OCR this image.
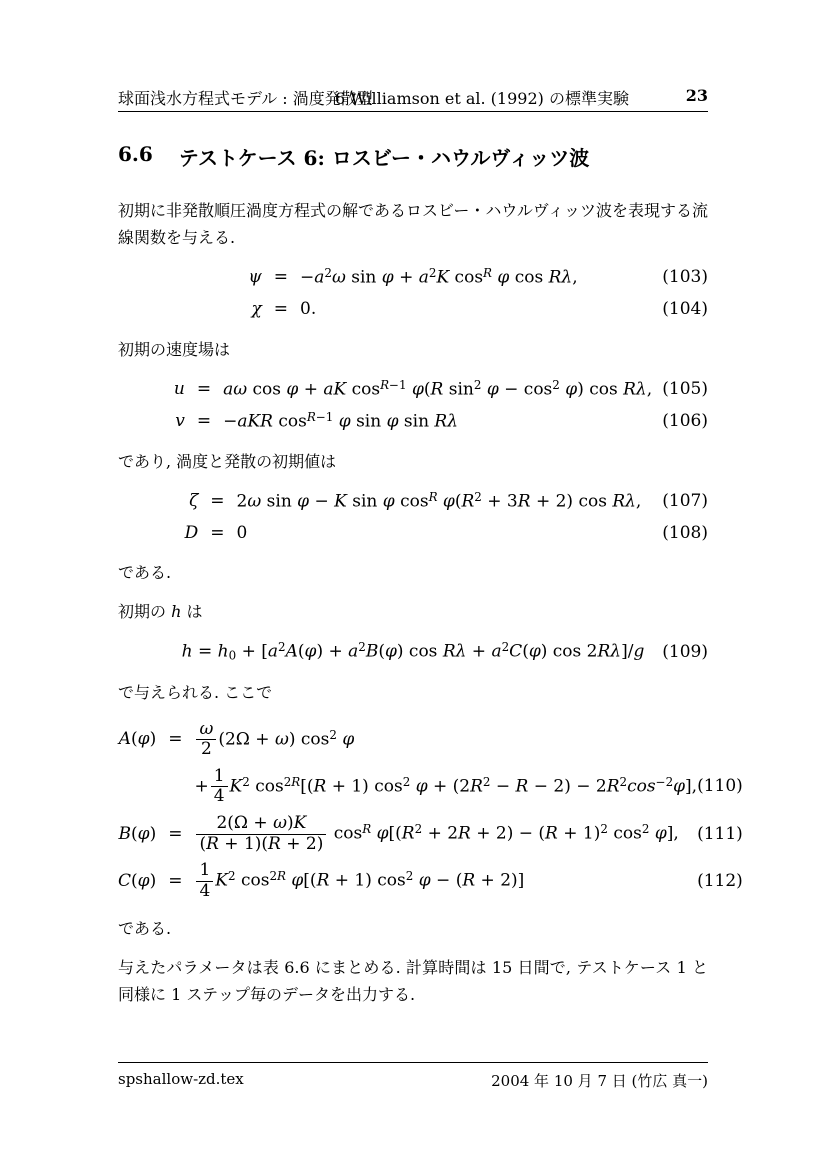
球面浅水方程式モデル : 渦度発散型
6 Williamson et al. (1992) の標準実験	23
6.6 テストケース 6: ロスビー・ハウルヴィッツ波

初期に非発散順圧渦度方程式の解であるロスビー・ハウルヴィッツ波を表現する流線関数を与える.

$\psi = -a^2\omega$ $\sin \varphi + a^2K$ $\cos^R \varphi$ cos Rλ,	(103)
χ = 0.	(104)

初期の速度場は

u = aω cos φ + aK $\cos^{R-1} \varphi(R$ $\sin^2 \varphi - \cos^2 \varphi$) cos Rλ, (105)
v = −aKR $\cos^{R-1} \varphi$ sin φ sin Rλ	(106)

であり, 渦度と発散の初期値は

ζ = 2ω sin φ − K sin φ $\cos^R \varphi(R^2 + 3R + 2)$ cos Rλ, (107)
D = 0	(108)

である.

初期の h は

$h = h0 + [a^2A(\varphi) + a^2B(\varphi)$ $\cos R\lambda + a^2C(\varphi)$ cos 2Rλ]/g (109)

で与えられる. ここで

$A(\varphi) = \frac{\omega}{2} (2\Omega + \omega)$ $\cos^2 \varphi$
+ $\frac{1}{4} K^2$ $\cos^{2R}[(R + 1)$ $\cos^2 \varphi + (2R^2 - R - 2) - 2R^2\cos^{-2}\varphi$], (110)
$B(\varphi) = \frac{2(\Omega + \omega)K}{(R + 1)(R + 2)} \cos^R \varphi[(R^2 + 2R + 2) - (R + 1)^2$ $\cos^2 \varphi$], (111)
$C(\varphi) = \frac{1}{4} K^2$ $\cos^{2R} \varphi[(R + 1)$ $\cos^2 \varphi - (R + 2)$]	(112)

である.

与えたパラメータは表 6.6 にまとめる. 計算時間は 15 日間で, テストケース 1 と同様に 1 ステップ毎のデータを出力する.

spshallow-zd.tex	2004 年 10 月 7 日 (竹広 真一)
